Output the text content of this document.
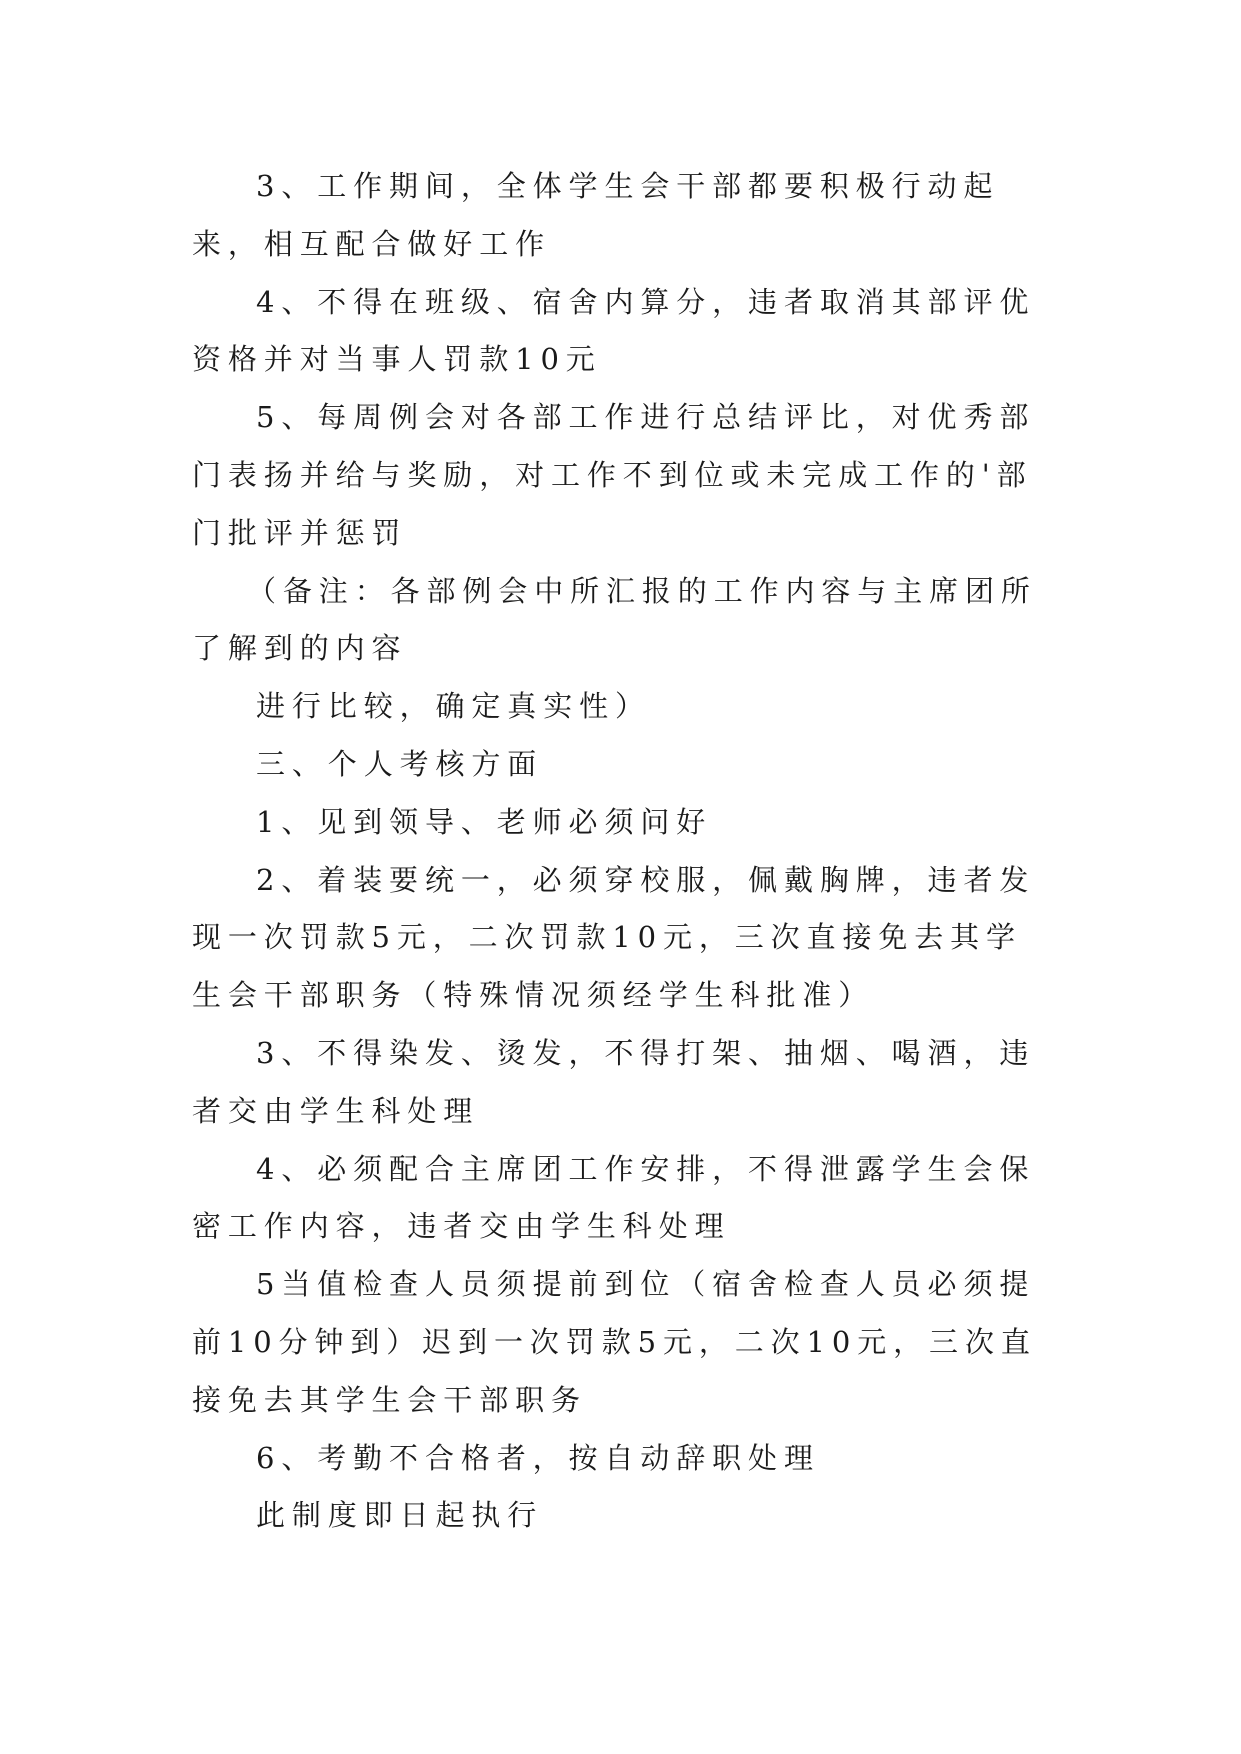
3、工作期间，全体学生会干部都要积极行动起来，相互配合做好工作

4、不得在班级、宿舍内算分，违者取消其部评优资格并对当事人罚款10元

5、每周例会对各部工作进行总结评比，对优秀部门表扬并给与奖励，对工作不到位或未完成工作的'部门批评并惩罚

（备注：各部例会中所汇报的工作内容与主席团所了解到的内容

进行比较，确定真实性）

三、个人考核方面

1、见到领导、老师必须问好

2、着装要统一，必须穿校服，佩戴胸牌，违者发现一次罚款5元，二次罚款10元，三次直接免去其学生会干部职务（特殊情况须经学生科批准）

3、不得染发、烫发，不得打架、抽烟、喝酒，违者交由学生科处理

4、必须配合主席团工作安排，不得泄露学生会保密工作内容，违者交由学生科处理

5当值检查人员须提前到位（宿舍检查人员必须提前10分钟到）迟到一次罚款5元，二次10元，三次直接免去其学生会干部职务

6、考勤不合格者，按自动辞职处理

此制度即日起执行
